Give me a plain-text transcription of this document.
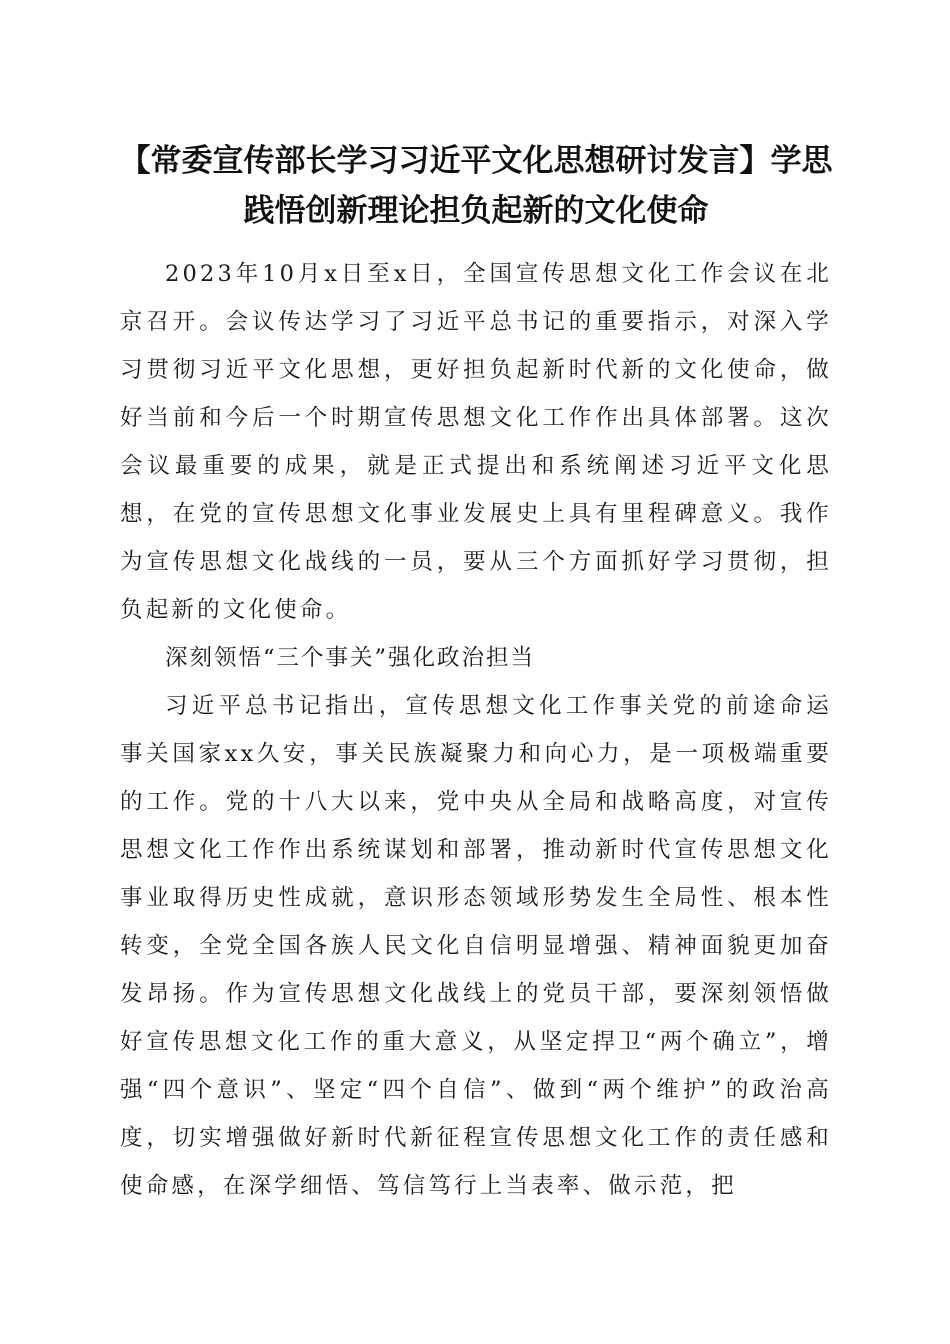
【常委宣传部长学习习近平文化思想研讨发言】学思践悟创新理论担负起新的文化使命

2023年10月x日至x日，全国宣传思想文化工作会议在北京召开。会议传达学习了习近平总书记的重要指示，对深入学习贯彻习近平文化思想，更好担负起新时代新的文化使命，做好当前和今后一个时期宣传思想文化工作作出具体部署。这次会议最重要的成果，就是正式提出和系统阐述习近平文化思想，在党的宣传思想文化事业发展史上具有里程碑意义。我作为宣传思想文化战线的一员，要从三个方面抓好学习贯彻，担负起新的文化使命。

深刻领悟“三个事关”强化政治担当

习近平总书记指出，宣传思想文化工作事关党的前途命运事关国家xx久安，事关民族凝聚力和向心力，是一项极端重要的工作。党的十八大以来，党中央从全局和战略高度，对宣传思想文化工作作出系统谋划和部署，推动新时代宣传思想文化事业取得历史性成就，意识形态领域形势发生全局性、根本性转变，全党全国各族人民文化自信明显增强、精神面貌更加奋发昂扬。作为宣传思想文化战线上的党员干部，要深刻领悟做好宣传思想文化工作的重大意义，从坚定捍卫“两个确立”，增强“四个意识”、坚定“四个自信”、做到“两个维护”的政治高度，切实增强做好新时代新征程宣传思想文化工作的责任感和使命感，在深学细悟、笃信笃行上当表率、做示范，把
